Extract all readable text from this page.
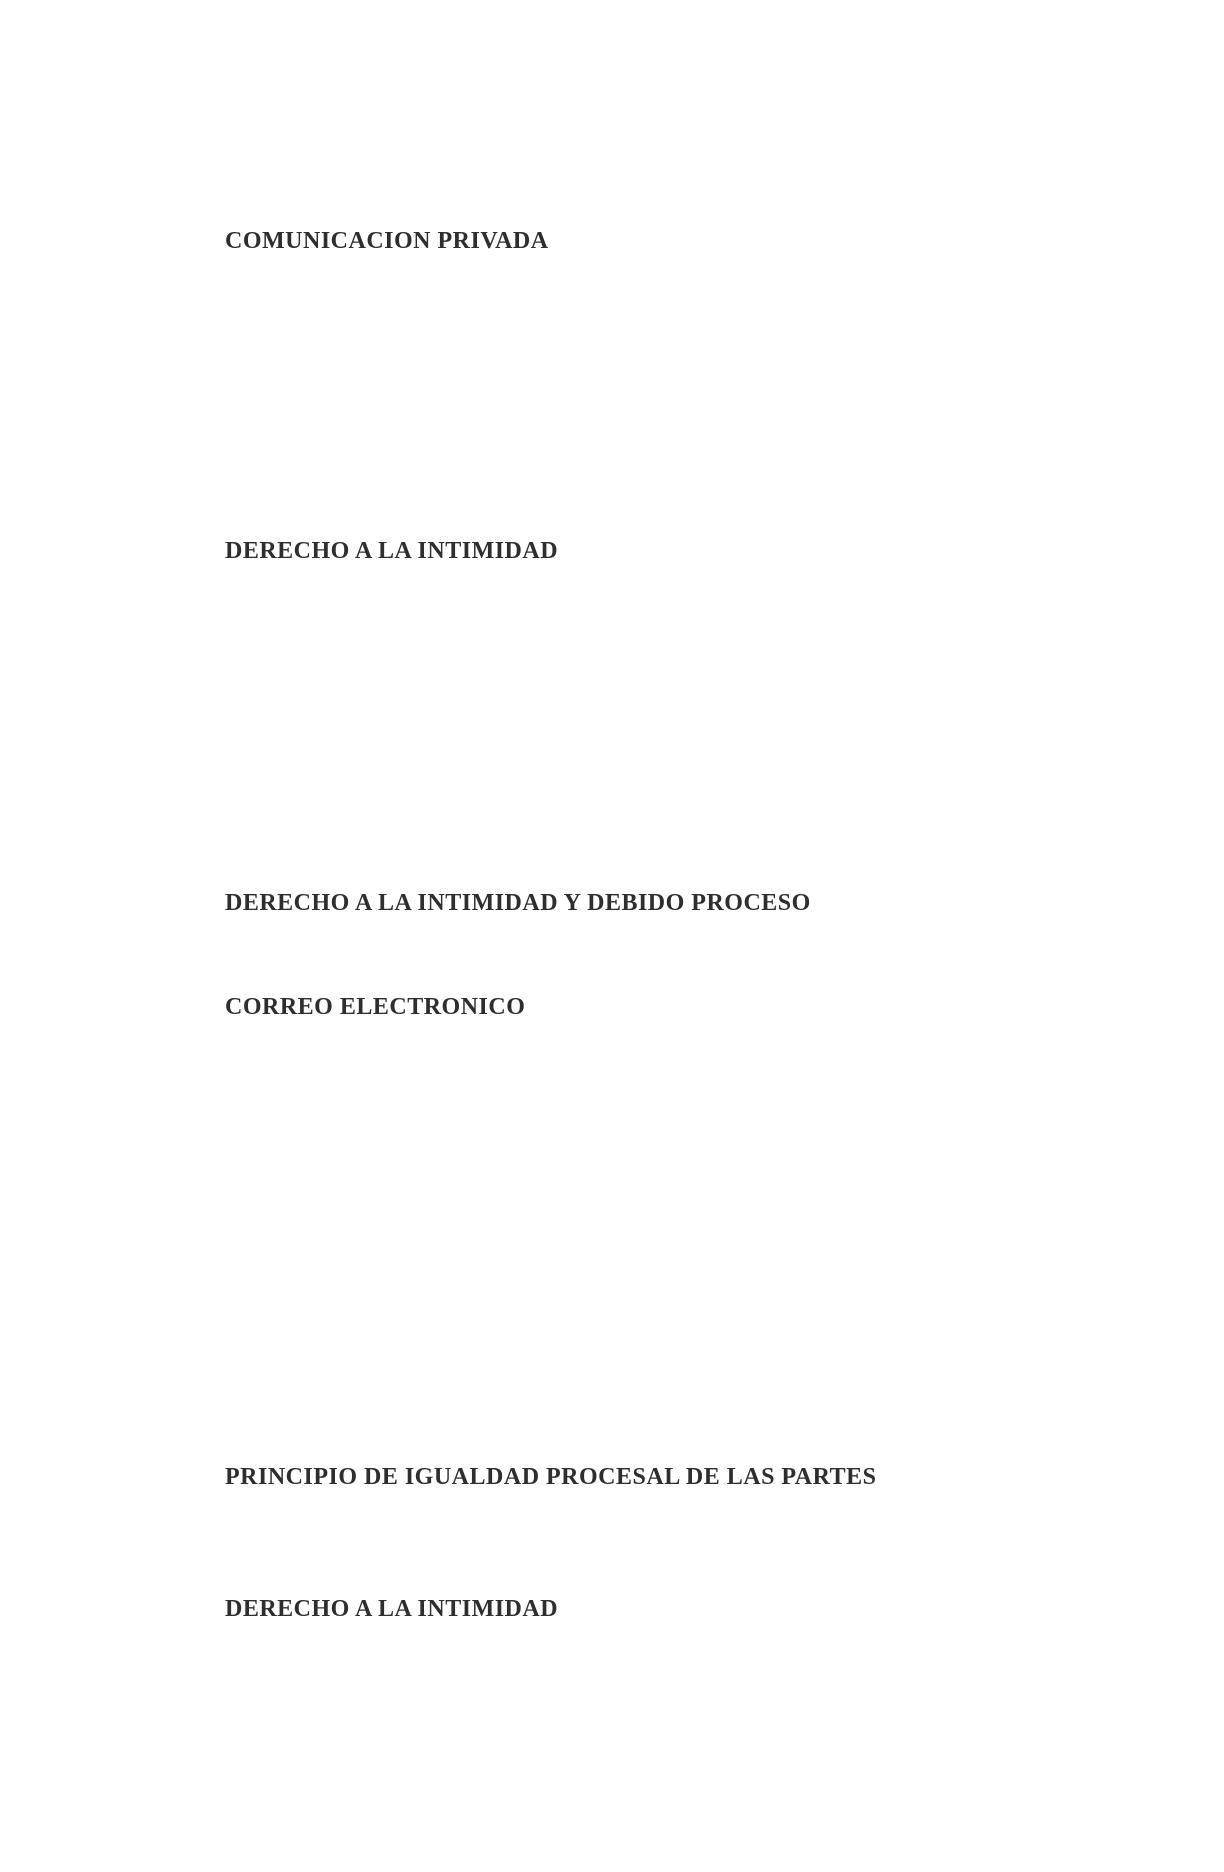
COMUNICACION PRIVADA
DERECHO A LA INTIMIDAD
DERECHO A LA INTIMIDAD Y DEBIDO PROCESO
CORREO ELECTRONICO
PRINCIPIO DE IGUALDAD PROCESAL DE LAS PARTES
DERECHO A LA INTIMIDAD
